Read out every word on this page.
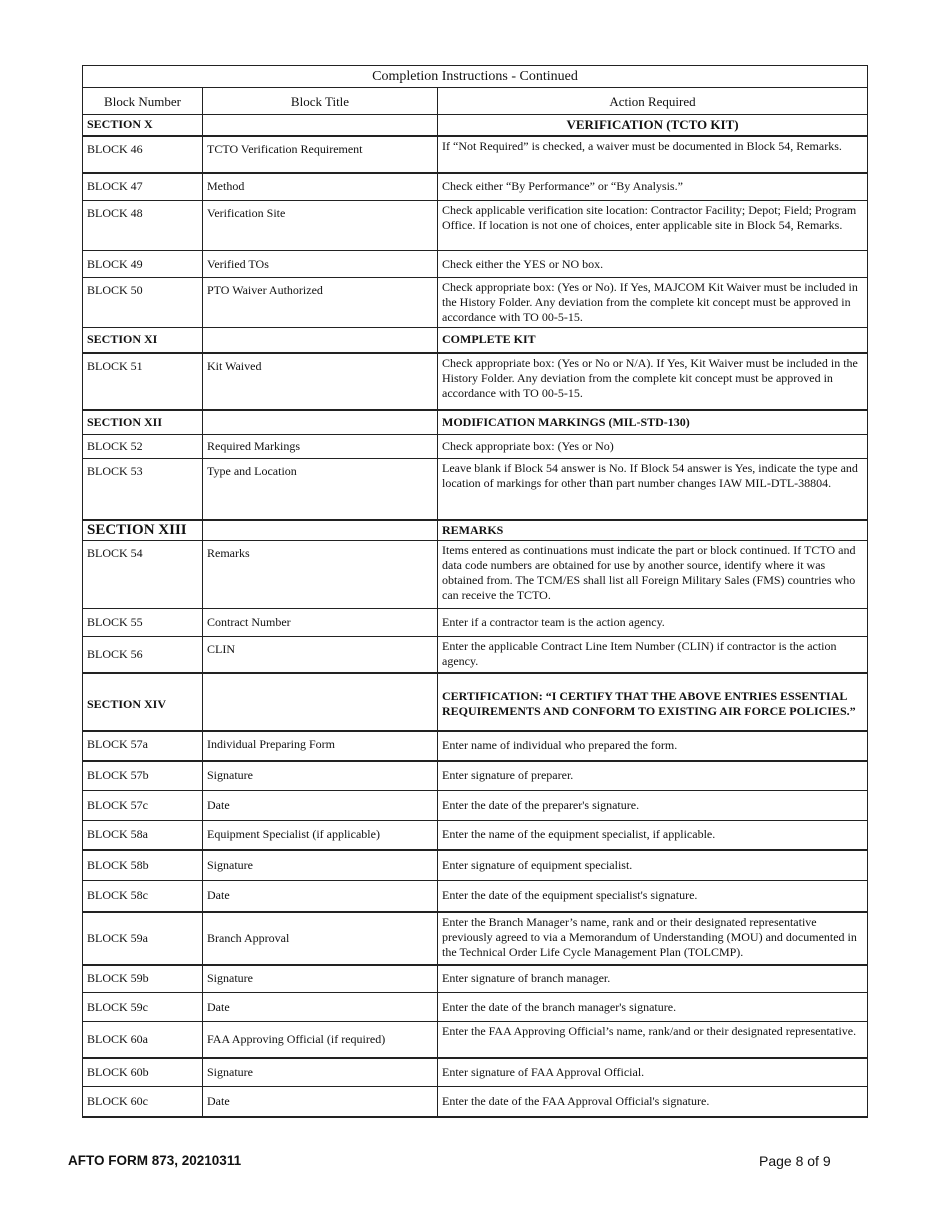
Completion Instructions - Continued		
Block Number	Block Title	Action Required
SECTION X		VERIFICATION (TCTO KIT)
BLOCK 46	TCTO Verification Requirement	If “Not Required” is checked, a waiver must be documented in Block 54, Remarks.
BLOCK 47	Method	Check either “By Performance” or “By Analysis.”
BLOCK 48	Verification Site	Check applicable verification site location: Contractor Facility; Depot; Field; Program Office. If location is not one of choices, enter applicable site in Block 54, Remarks.
BLOCK 49	Verified TOs	Check either the YES or NO box.
BLOCK 50	PTO Waiver Authorized	Check appropriate box: (Yes or No). If Yes, MAJCOM Kit Waiver must be included in the History Folder. Any deviation from the complete kit concept must be approved in accordance with TO 00-5-15.
SECTION XI		COMPLETE KIT
BLOCK 51	Kit Waived	Check appropriate box: (Yes or No or N/A). If Yes, Kit Waiver must be included in the History Folder. Any deviation from the complete kit concept must be approved in accordance with TO 00-5-15.
SECTION XII		MODIFICATION MARKINGS (MIL-STD-130)
BLOCK 52	Required Markings	Check appropriate box: (Yes or No)
BLOCK 53	Type and Location	Leave blank if Block 54 answer is No. If Block 54 answer is Yes, indicate the type and location of markings for other than part number changes IAW MIL-DTL-38804.
SECTION XIII		REMARKS
BLOCK 54	Remarks	Items entered as continuations must indicate the part or block continued. If TCTO and data code numbers are obtained for use by another source, identify where it was obtained from. The TCM/ES shall list all Foreign Military Sales (FMS) countries who can receive the TCTO.
BLOCK 55	Contract Number	Enter if a contractor team is the action agency.
BLOCK 56	CLIN	Enter the applicable Contract Line Item Number (CLIN) if contractor is the action agency.
SECTION XIV		CERTIFICATION: “I CERTIFY THAT THE ABOVE ENTRIES ESSENTIAL REQUIREMENTS AND CONFORM TO EXISTING AIR FORCE POLICIES.”
BLOCK 57a	Individual Preparing Form	Enter name of individual who prepared the form.
BLOCK 57b	Signature	Enter signature of preparer.
BLOCK 57c	Date	Enter the date of the preparer's signature.
BLOCK 58a	Equipment Specialist (if applicable)	Enter the name of the equipment specialist, if applicable.
BLOCK 58b	Signature	Enter signature of equipment specialist.
BLOCK 58c	Date	Enter the date of the equipment specialist's signature.
BLOCK 59a	Branch Approval	Enter the Branch Manager’s name, rank and or their designated representative previously agreed to via a Memorandum of Understanding (MOU) and documented in the Technical Order Life Cycle Management Plan (TOLCMP).
BLOCK 59b	Signature	Enter signature of branch manager.
BLOCK 59c	Date	Enter the date of the branch manager's signature.
BLOCK 60a	FAA Approving Official (if required)	Enter the FAA Approving Official’s name, rank/and or their designated representative.
BLOCK 60b	Signature	Enter signature of FAA Approval Official.
BLOCK 60c	Date	Enter the date of the FAA Approval Official's signature.
AFTO FORM 873, 20210311	Page 8 of 9
